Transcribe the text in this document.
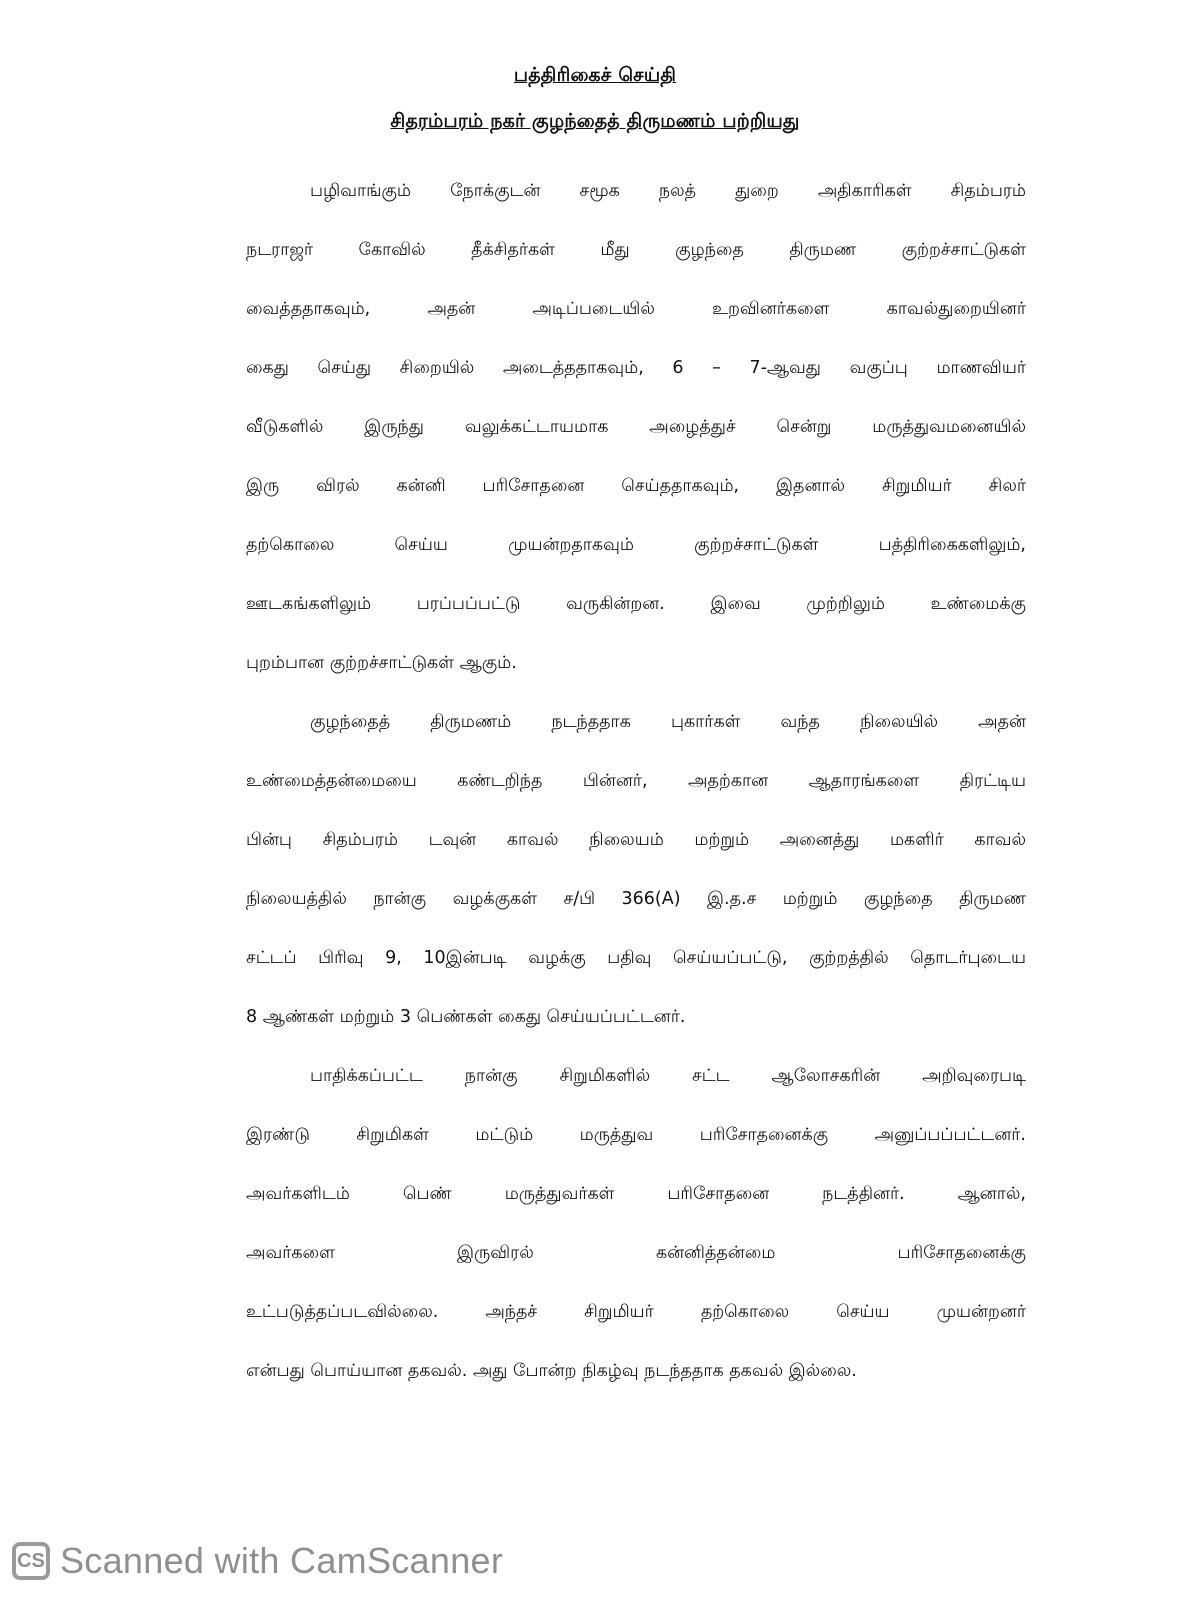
பத்திரிகைச் செய்தி
சிதரம்பரம் நகர் குழந்தைத் திருமணம் பற்றியது
பழிவாங்கும் நோக்குடன் சமூக நலத் துறை அதிகாரிகள் சிதம்பரம்
நடராஜர் கோவில் தீக்சிதர்கள் மீது குழந்தை திருமண குற்றச்சாட்டுகள்
வைத்ததாகவும், அதன் அடிப்படையில் உறவினர்களை காவல்துறையினர்
கைது செய்து சிறையில் அடைத்ததாகவும், 6 – 7-ஆவது வகுப்பு மாணவியர்
வீடுகளில் இருந்து வலுக்கட்டாயமாக அழைத்துச் சென்று மருத்துவமனையில்
இரு விரல் கன்னி பரிசோதனை செய்ததாகவும், இதனால் சிறுமியர் சிலர்
தற்கொலை செய்ய முயன்றதாகவும் குற்றச்சாட்டுகள் பத்திரிகைகளிலும்,
ஊடகங்களிலும் பரப்பப்பட்டு வருகின்றன. இவை முற்றிலும் உண்மைக்கு
புறம்பான குற்றச்சாட்டுகள் ஆகும்.
குழந்தைத் திருமணம் நடந்ததாக புகார்கள் வந்த நிலையில் அதன்
உண்மைத்தன்மையை கண்டறிந்த பின்னர், அதற்கான ஆதாரங்களை திரட்டிய
பின்பு சிதம்பரம் டவுன் காவல் நிலையம் மற்றும் அனைத்து மகளிர் காவல்
நிலையத்தில் நான்கு வழக்குகள் ச/பி 366(A) இ.த.ச மற்றும் குழந்தை திருமண
சட்டப் பிரிவு 9, 10இன்படி வழக்கு பதிவு செய்யப்பட்டு, குற்றத்தில் தொடர்புடைய
8 ஆண்கள் மற்றும் 3 பெண்கள் கைது செய்யப்பட்டனர்.
பாதிக்கப்பட்ட நான்கு சிறுமிகளில் சட்ட ஆலோசகரின் அறிவுரைபடி
இரண்டு சிறுமிகள் மட்டும் மருத்துவ பரிசோதனைக்கு அனுப்பப்பட்டனர்.
அவர்களிடம் பெண் மருத்துவர்கள் பரிசோதனை நடத்தினர். ஆனால்,
அவர்களை இருவிரல் கன்னித்தன்மை பரிசோதனைக்கு
உட்படுத்தப்படவில்லை. அந்தச் சிறுமியர் தற்கொலை செய்ய முயன்றனர்
என்பது பொய்யான தகவல். அது போன்ற நிகழ்வு நடந்ததாக தகவல் இல்லை.
CS Scanned with CamScanner
